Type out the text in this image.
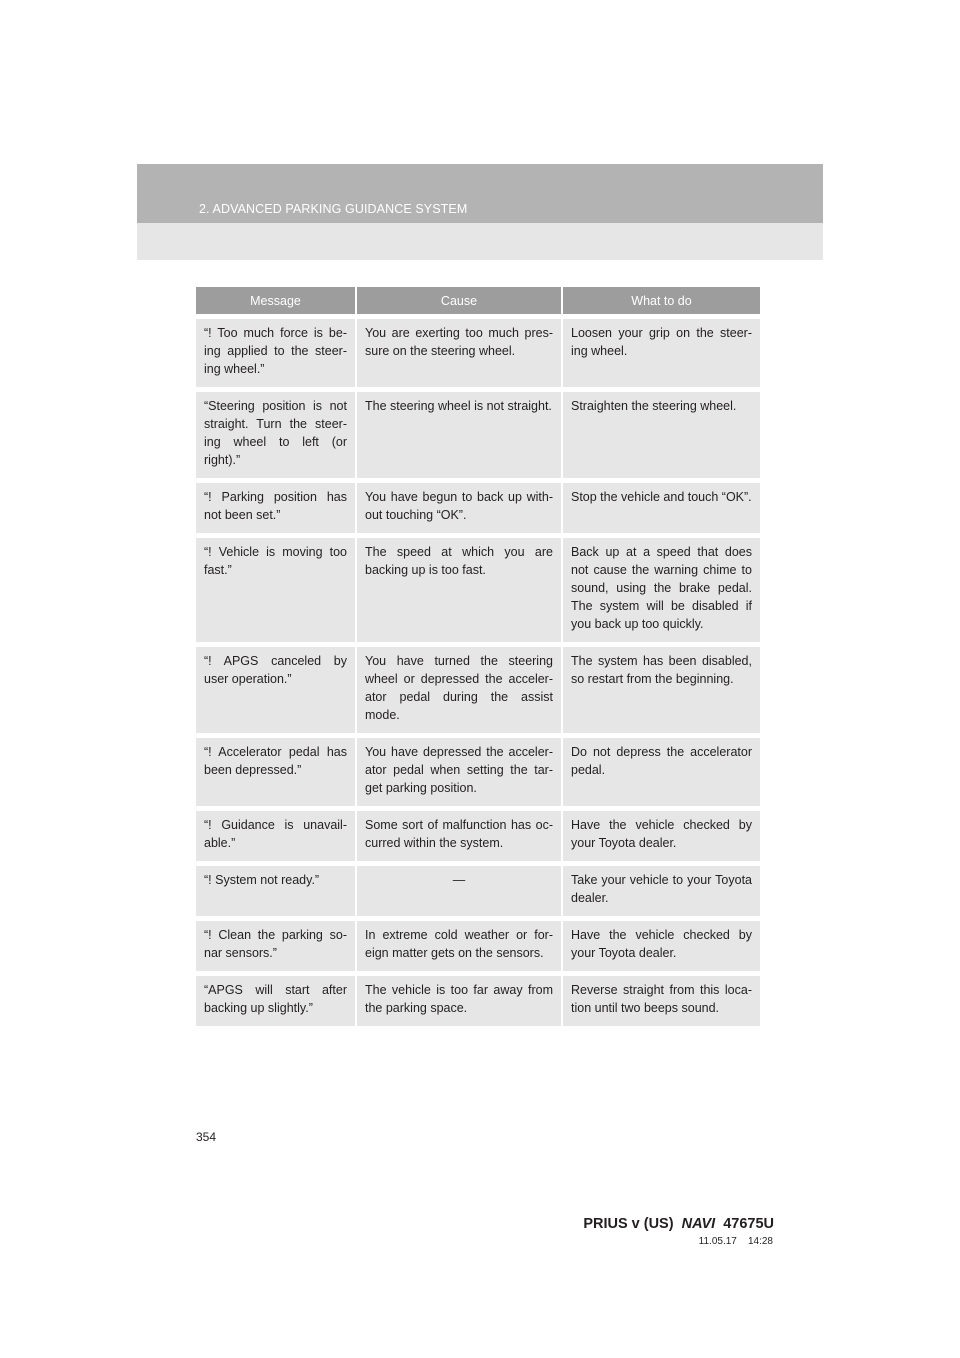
2. ADVANCED PARKING GUIDANCE SYSTEM
Message	Cause	What to do
“! Too much force is be-ing applied to the steer-ing wheel.”	You are exerting too much pres-sure on the steering wheel.	Loosen your grip on the steer-ing wheel.
“Steering position is not straight. Turn the steer-ing wheel to left (or right).”	The steering wheel is not straight.	Straighten the steering wheel.
“! Parking position has not been set.”	You have begun to back up with-out touching “OK”.	Stop the vehicle and touch “OK”.
“! Vehicle is moving too fast.”	The speed at which you are backing up is too fast.	Back up at a speed that does not cause the warning chime to sound, using the brake pedal. The system will be disabled if you back up too quickly.
“! APGS canceled by user operation.”	You have turned the steering wheel or depressed the acceler-ator pedal during the assist mode.	The system has been disabled, so restart from the beginning.
“! Accelerator pedal has been depressed.”	You have depressed the acceler-ator pedal when setting the tar-get parking position.	Do not depress the accelerator pedal.
“! Guidance is unavail-able.”	Some sort of malfunction has oc-curred within the system.	Have the vehicle checked by your Toyota dealer.
“! System not ready.”	—	Take your vehicle to your Toyota dealer.
“! Clean the parking so-nar sensors.”	In extreme cold weather or for-eign matter gets on the sensors.	Have the vehicle checked by your Toyota dealer.
“APGS will start after backing up slightly.”	The vehicle is too far away from the parking space.	Reverse straight from this loca-tion until two beeps sound.
354
PRIUS v (US) NAVI 47675U
11.05.17 14:28
